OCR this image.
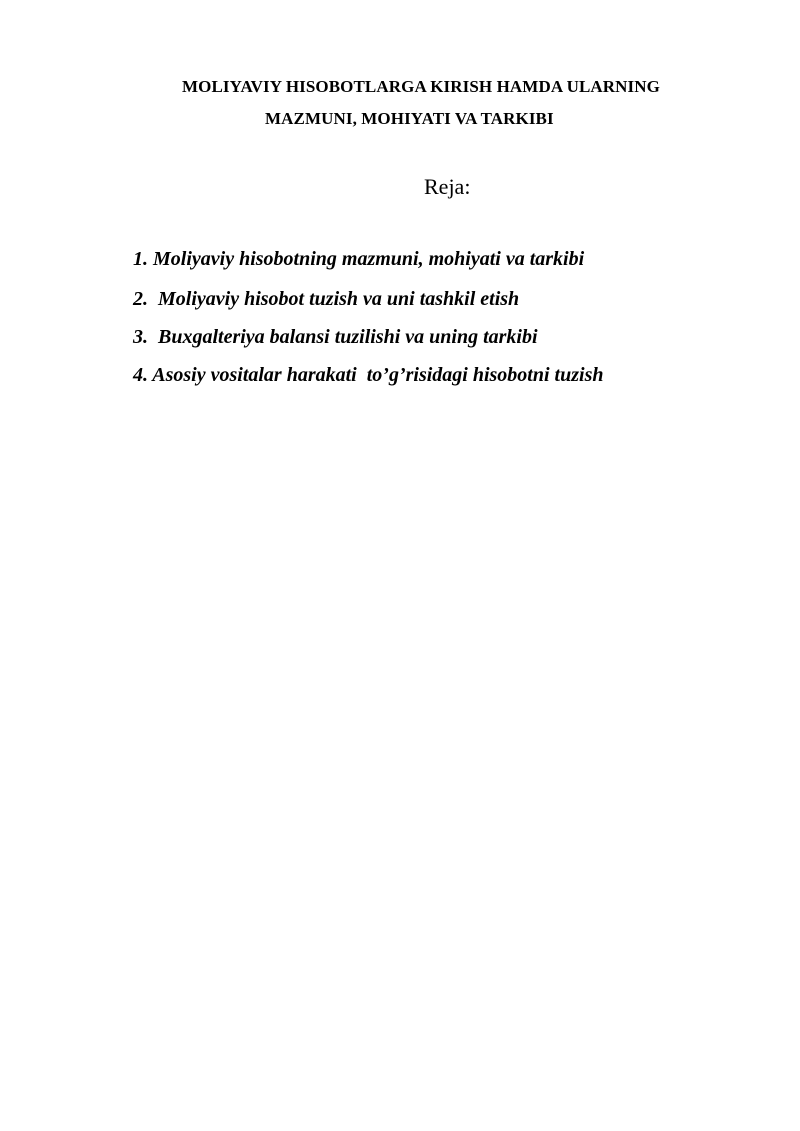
MOLIYAVIY HISOBOTLARGA KIRISH HAMDA ULARNING
MAZMUNI, MOHIYATI VA TARKIBI
Reja:
1. Moliyaviy hisobotning mazmuni, mohiyati va tarkibi
2.  Moliyaviy hisobot tuzish va uni tashkil etish
3.  Buxgalteriya balansi tuzilishi va uning tarkibi
4. Asosiy vositalar harakati  to’g’risidagi hisobotni tuzish
